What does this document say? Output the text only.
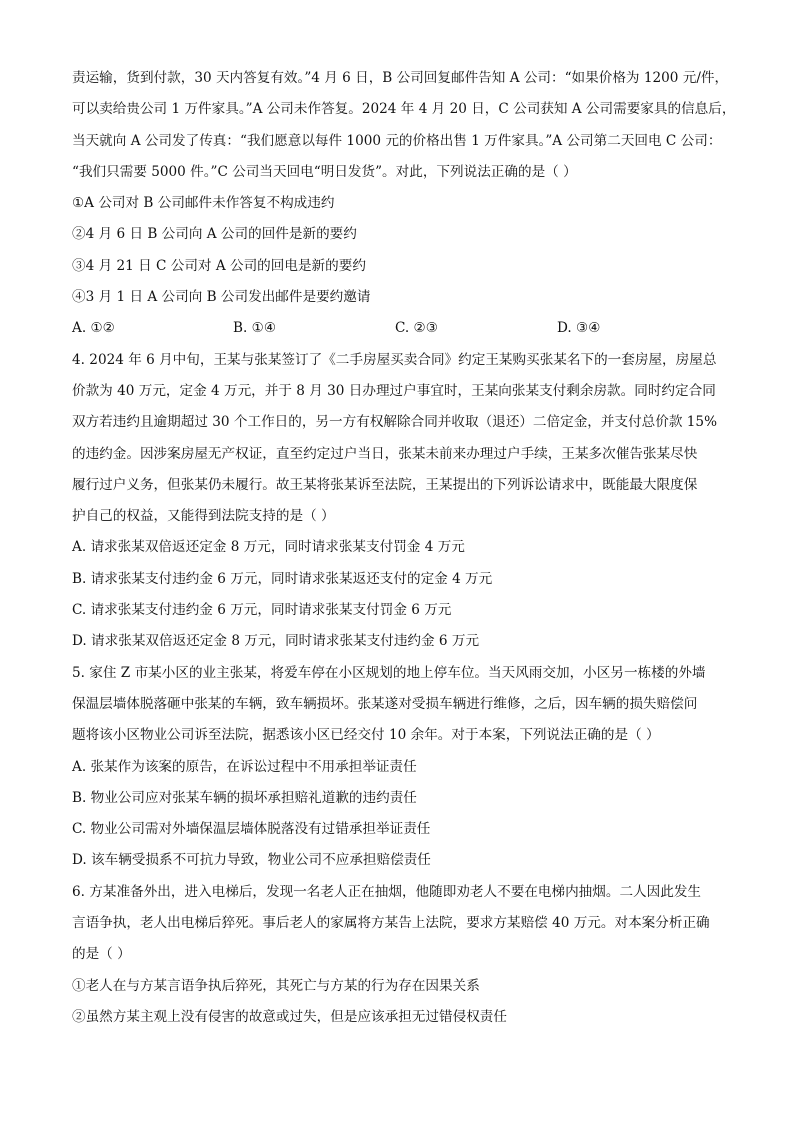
责运输，货到付款，30 天内答复有效。”4 月 6 日，B 公司回复邮件告知 A 公司：“如果价格为 1200 元/件，
可以卖给贵公司 1 万件家具。”A 公司未作答复。2024 年 4 月 20 日，C 公司获知 A 公司需要家具的信息后，
当天就向 A 公司发了传真：“我们愿意以每件 1000 元的价格出售 1 万件家具。”A 公司第二天回电 C 公司：
“我们只需要 5000 件。”C 公司当天回电“明日发货”。对此，下列说法正确的是（ ）
①A 公司对 B 公司邮件未作答复不构成违约
②4 月 6 日 B 公司向 A 公司的回件是新的要约
③4 月 21 日 C 公司对 A 公司的回电是新的要约
④3 月 1 日 A 公司向 B 公司发出邮件是要约邀请
A. ①②	B. ①④	C. ②③	D. ③④
4. 2024 年 6 月中旬，王某与张某签订了《二手房屋买卖合同》约定王某购买张某名下的一套房屋，房屋总
价款为 40 万元，定金 4 万元，并于 8 月 30 日办理过户事宜时，王某向张某支付剩余房款。同时约定合同
双方若违约且逾期超过 30 个工作日的，另一方有权解除合同并收取（退还）二倍定金，并支付总价款 15%
的违约金。因涉案房屋无产权证，直至约定过户当日，张某未前来办理过户手续，王某多次催告张某尽快
履行过户义务，但张某仍未履行。故王某将张某诉至法院，王某提出的下列诉讼请求中，既能最大限度保
护自己的权益，又能得到法院支持的是（ ）
A. 请求张某双倍返还定金 8 万元，同时请求张某支付罚金 4 万元
B. 请求张某支付违约金 6 万元，同时请求张某返还支付的定金 4 万元
C. 请求张某支付违约金 6 万元，同时请求张某支付罚金 6 万元
D. 请求张某双倍返还定金 8 万元，同时请求张某支付违约金 6 万元
5. 家住 Z 市某小区的业主张某，将爱车停在小区规划的地上停车位。当天风雨交加，小区另一栋楼的外墙
保温层墙体脱落砸中张某的车辆，致车辆损坏。张某遂对受损车辆进行维修，之后，因车辆的损失赔偿问
题将该小区物业公司诉至法院，据悉该小区已经交付 10 余年。对于本案，下列说法正确的是（ ）
A. 张某作为该案的原告，在诉讼过程中不用承担举证责任
B. 物业公司应对张某车辆的损坏承担赔礼道歉的违约责任
C. 物业公司需对外墙保温层墙体脱落没有过错承担举证责任
D. 该车辆受损系不可抗力导致，物业公司不应承担赔偿责任
6. 方某准备外出，进入电梯后，发现一名老人正在抽烟，他随即劝老人不要在电梯内抽烟。二人因此发生
言语争执，老人出电梯后猝死。事后老人的家属将方某告上法院，要求方某赔偿 40 万元。对本案分析正确
的是（ ）
①老人在与方某言语争执后猝死，其死亡与方某的行为存在因果关系
②虽然方某主观上没有侵害的故意或过失，但是应该承担无过错侵权责任
